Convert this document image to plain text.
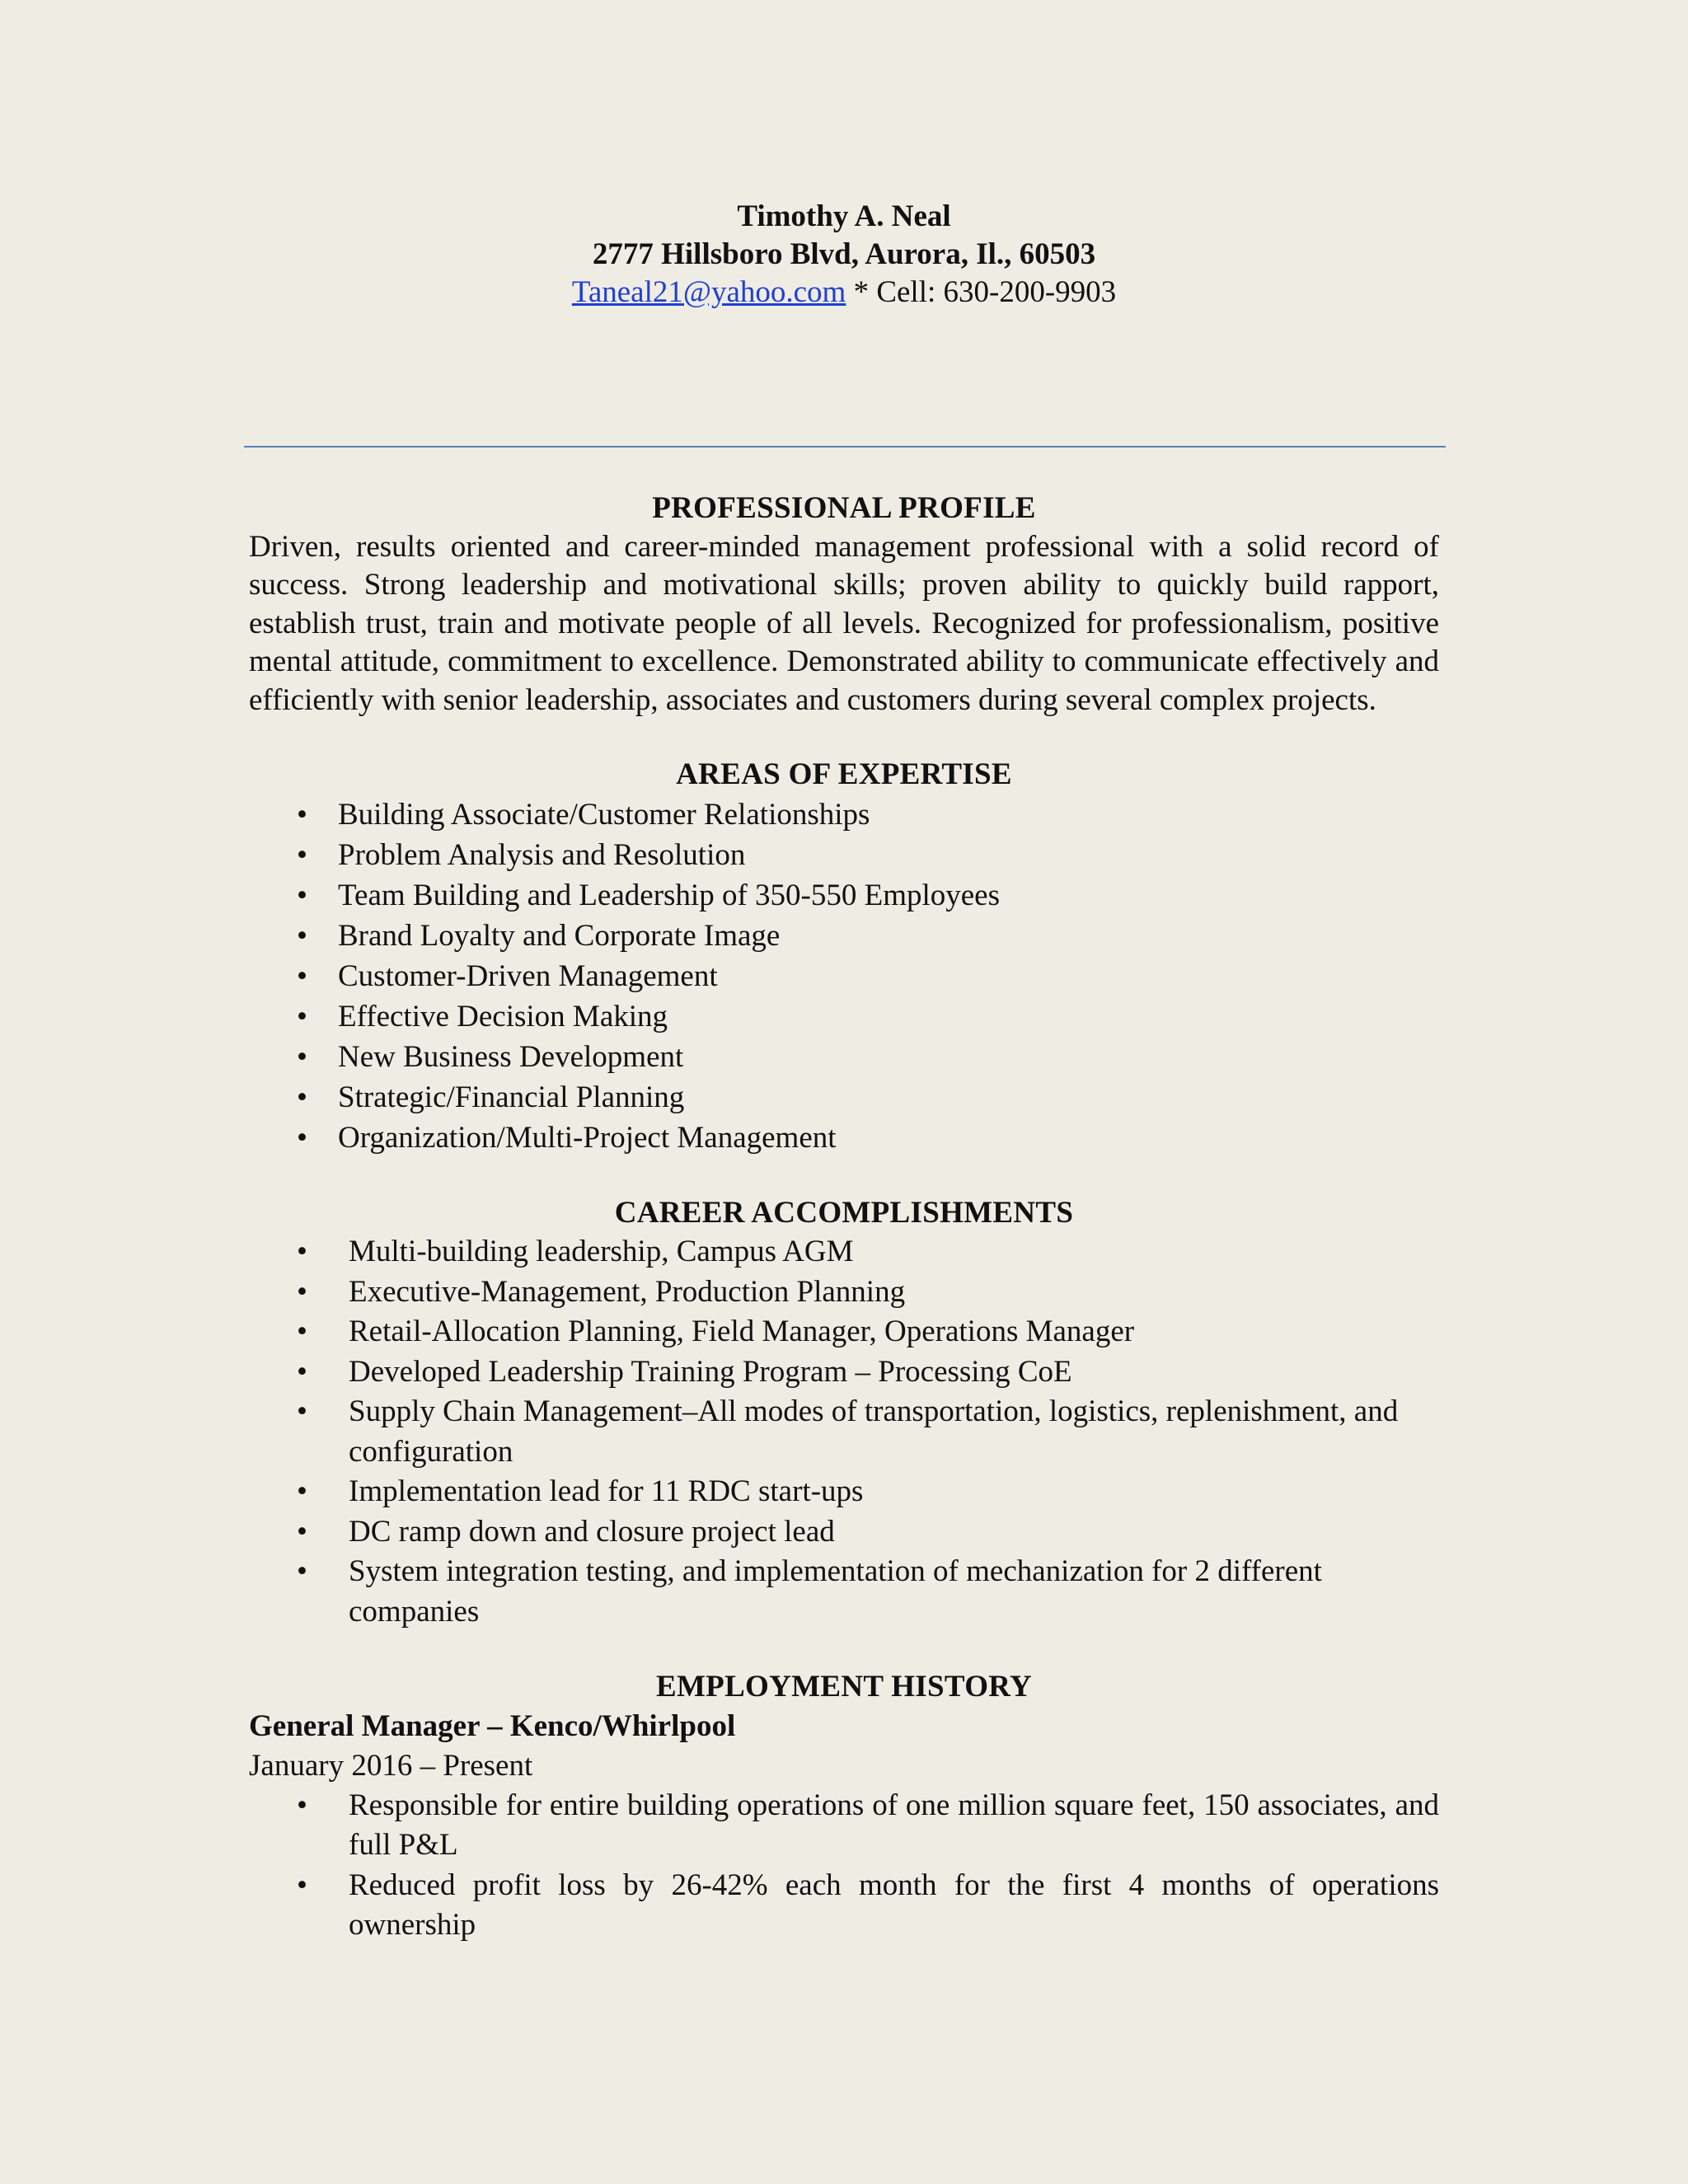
Timothy A. Neal
2777 Hillsboro Blvd, Aurora, Il., 60503
Taneal21@yahoo.com * Cell: 630-200-9903
PROFESSIONAL PROFILE

Driven, results oriented and career-minded management professional with a solid record of success. Strong leadership and motivational skills; proven ability to quickly build rapport, establish trust, train and motivate people of all levels. Recognized for professionalism, positive mental attitude, commitment to excellence. Demonstrated ability to communicate effectively and efficiently with senior leadership, associates and customers during several complex projects.

AREAS OF EXPERTISE
• Building Associate/Customer Relationships
• Problem Analysis and Resolution
• Team Building and Leadership of 350-550 Employees
• Brand Loyalty and Corporate Image
• Customer-Driven Management
• Effective Decision Making
• New Business Development
• Strategic/Financial Planning
• Organization/Multi-Project Management
CAREER ACCOMPLISHMENTS
• Multi-building leadership, Campus AGM
• Executive-Management, Production Planning
• Retail-Allocation Planning, Field Manager, Operations Manager
• Developed Leadership Training Program – Processing CoE
• Supply Chain Management–All modes of transportation, logistics, replenishment, and configuration
• Implementation lead for 11 RDC start-ups
• DC ramp down and closure project lead
• System integration testing, and implementation of mechanization for 2 different companies
EMPLOYMENT HISTORY
General Manager – Kenco/Whirlpool
January 2016 – Present
• Responsible for entire building operations of one million square feet, 150 associates, and full P&L
• Reduced profit loss by 26-42% each month for the first 4 months of operations ownership
